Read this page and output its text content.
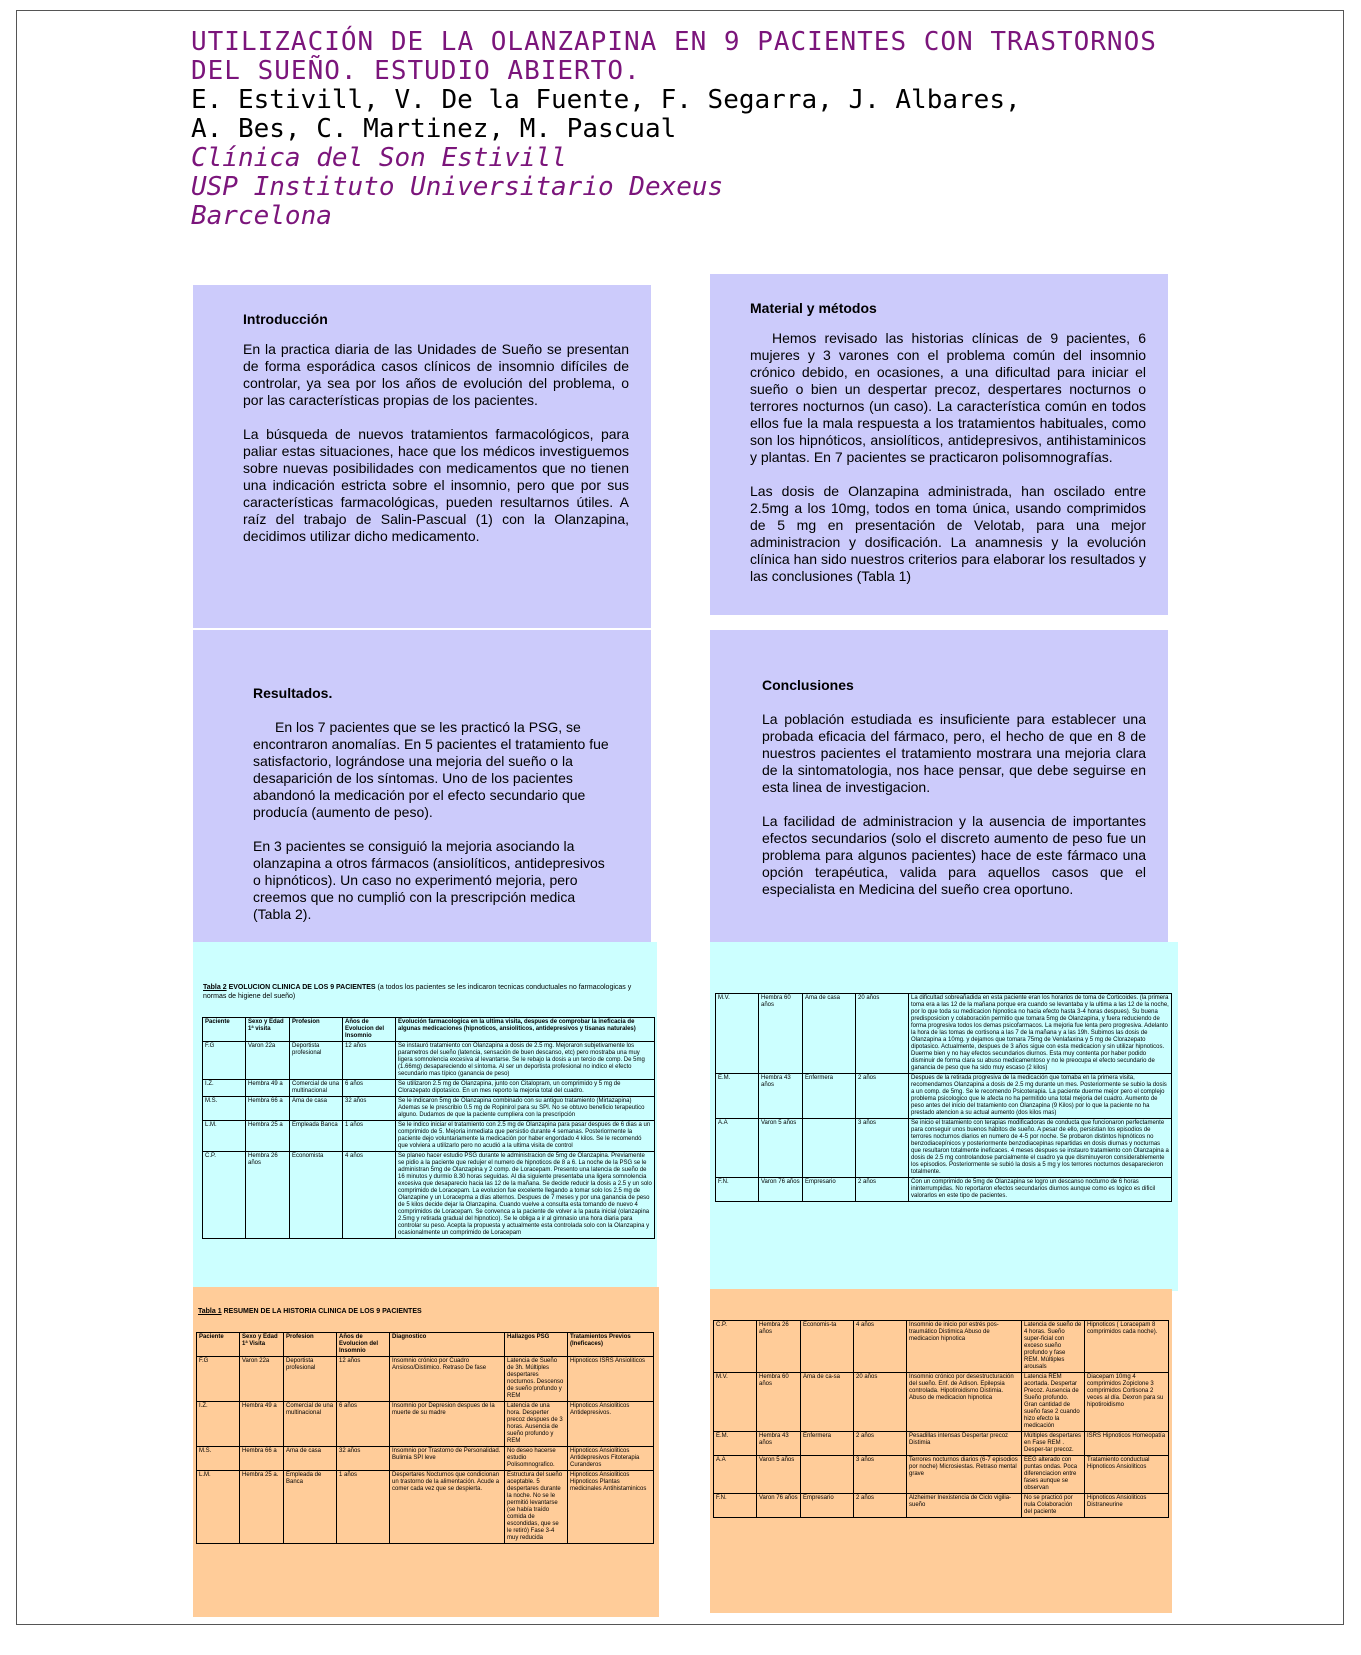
UTILIZACIÓN DE LA OLANZAPINA EN 9 PACIENTES CON TRASTORNOS
DEL SUEÑO. ESTUDIO ABIERTO.
E. Estivill, V. De la Fuente, F. Segarra, J. Albares,
A. Bes, C. Martinez, M. Pascual
Clínica del Son Estivill
USP Instituto Universitario Dexeus
Barcelona
Introducción

En la practica diaria de las Unidades de Sueño se presentan de forma esporádica casos clínicos de insomnio difíciles de controlar, ya sea por los años de evolución del problema, o por las características propias de los pacientes.

La búsqueda de nuevos tratamientos farmacológicos, para paliar estas situaciones, hace que los médicos investiguemos sobre nuevas posibilidades con medicamentos que no tienen una indicación estricta sobre el insomnio, pero que por sus características farmacológicas, pueden resultarnos útiles. A raíz del trabajo de Salin-Pascual (1) con la Olanzapina, decidimos utilizar dicho medicamento.

Material y métodos

Hemos revisado las historias clínicas de 9 pacientes, 6 mujeres y 3 varones con el problema común del insomnio crónico debido, en ocasiones, a una dificultad para iniciar el sueño o bien un despertar precoz, despertares nocturnos o terrores nocturnos (un caso). La característica común en todos ellos fue la mala respuesta a los tratamientos habituales, como son los hipnóticos, ansiolíticos, antidepresivos, antihistaminicos y plantas. En 7 pacientes se practicaron polisomnografías.

Las dosis de Olanzapina administrada, han oscilado entre 2.5mg a los 10mg, todos en toma única, usando comprimidos de 5 mg en presentación de Velotab, para una mejor administracion y dosificación. La anamnesis y la evolución clínica han sido nuestros criterios para elaborar los resultados y las conclusiones (Tabla 1)

Resultados.

En los 7 pacientes que se les practicó la PSG, se encontraron anomalías. En 5 pacientes el tratamiento fue satisfactorio, lográndose una mejoria del sueño o la desaparición de los síntomas. Uno de los pacientes abandonó la medicación por el efecto secundario que producía (aumento de peso).

En 3 pacientes se consiguió la mejoria asociando la olanzapina a otros fármacos (ansiolíticos, antidepresivos o hipnóticos). Un caso no experimentó mejoria, pero creemos que no cumplió con la prescripción medica (Tabla 2).

Conclusiones

La población estudiada es insuficiente para establecer una probada eficacia del fármaco, pero, el hecho de que en 8 de nuestros pacientes el tratamiento mostrara una mejoria clara de la sintomatologia, nos hace pensar, que debe seguirse en esta linea de investigacion.

La facilidad de administracion y la ausencia de importantes efectos secundarios (solo el discreto aumento de peso fue un problema para algunos pacientes) hace de este fármaco una opción terapéutica, valida para aquellos casos que el especialista en Medicina del sueño crea oportuno.

Tabla 2 EVOLUCION CLINICA DE LOS 9 PACIENTES (a todos los pacientes se les indicaron tecnicas conductuales no farmacologicas y normas de higiene del sueño)
Paciente	Sexo y Edad 1ª visita	Profesion	Años de Evolucion del Insomnio	Evolución farmacologica en la ultima visita, despues de comprobar la ineficacia de algunas medicaciones (hipnoticos, ansioliticos, antidepresivos y tisanas naturales)
F.G	Varon 22a	Deportista profesional	12 años	Se instauró tratamiento con Olanzapina a dosis de 2.5 mg. Mejoraron subjetivamente los parametros del sueño (latencia, sensación de buen descanso, etc) pero mostraba una muy ligera somnolencia excesiva al levantarse. Se le rebajo la dosis a un tercio de comp. De 5mg (1.66mg) desapareciendo el síntoma. Al ser un deportista profesional no indico el efecto secundario mas típico (ganancia de peso)
I.Z.	Hembra 49 a	Comercial de una multinacional	6 años	Se utilizaron 2.5 mg de Olanzapina, junto con Citalopram, un comprimido y 5 mg de Clorazepato dipotasico. En un mes reporto la mejoria total del cuadro.
M.S.	Hembra 66 a	Ama de casa	32 años	Se le indicaron 5mg de Olanzapina combinado con su antiguo tratamiento (Mirtazapina) Ademas se le prescribio 0.5 mg de Ropinirol para su SPI. No se obtuvo beneficio terapeutico alguno. Dudamos de que la paciente cumpliera con la prescripción
L.M.	Hembra 25 a	Empleada Banca	1 años	Se le indico iniciar el tratamiento con 2.5 mg de Olanzapina para pasar despues de 6 dias a un comprimido de 5. Mejoria inmediata que persistio durante 4 semanas. Posteriormente la paciente dejo voluntariamente la medicación por haber engordado 4 kilos. Se le recomendó que volviera a utilizarlo pero no acudió a la ultima visita de control
C.P.	Hembra 26 años	Economista	4 años	Se planeo hacer estudio PSG durante le administracion de 5mg de Olanzapina. Previamente se pidio a la paciente que redujer el numero de hipnoticos de 8 a 6. La noche de la PSG se le administran 5mg de Olanzapina y 2 comp. de Loracepam. Presento una latencia de sueño de 16 minutos y durmio 8.30 horas seguidas. Al dia siguiente presentaba una ligera somnolencia excesiva que desaparecio hacia las 12 de la mañana. Se decide reducir la dosis a 2.5 y un solo comprimido de Loracepam. La evolucion fue excelente llegando a tomar solo los 2.5 mg de Olanzapine y un Loracepma a días alternos. Despues de 7 meses y por una ganancia de peso de 5 kilos decide dejar la Olanzapina. Cuando vuelve a consulta esta tomando de nuevo 4 comprimidos de Loracepam. Se convenca a la paciente de volver a la pauta inicial (olanzapina 2.5mg y retirada gradual del hipnotico). Se le obliga a ir al gimnasio una hora diaria para controlar su peso. Acepta la propuesta y actualmente esta controlada solo con la Olanzapina y ocasionalmente un comprimido de Loracepam
M.V.	Hembra 60 años	Ama de casa	20 años	La dificultad sobreañadida en esta paciente eran los horarios de toma de Corticoides. (la primera toma era a las 12 de la mañana porque era cuando se levantaba y la ultima a las 12 de la noche, por lo que toda su medicacion hipnotica no hacia efecto hasta 3-4 horas despues). Su buena predisposicion y colaboración permitio que tomara 5mg de Olanzapina, y fuera reduciendo de forma progresiva todos los demas psicofarmacos. La mejoria fue lenta pero progresiva. Adelanto la hora de las tomas de cortisona a las 7 de la mañana y a las 19h. Subimos las dosis de Olanzapina a 10mg. y dejamos que tomara 75mg de Venlafaxina y 5 mg de Clorazepato dipotasico. Actualmente, despues de 3 años sigue con esta medicacion y sin utilizar hipnoticos. Duerme bien y no hay efectos secundarios diurnos. Esta muy contenta por haber podido disminuir de forma clara su abuso medicamentoso y no le preocupa el efecto secundario de ganancia de peso que ha sido muy escaso (2 kilos)
E.M.	Hembra 43 años	Enfermera	2 años	Despues de la retirada progresiva de la medicación que tomaba en la primera visita, recomendamos Olanzapina a dosis de 2.5 mg durante un mes. Posteriormente se subio la dosis a un comp. de 5mg. Se le recomendo Psicoterapia. La paciente duerme mejor pero el complejo problema psicologico que le afecta no ha permitido una total mejoria del cuadro. Aumento de peso antes del inicio del tratamiento con Olanzapina (9 Kilos) por lo que la paciente no ha prestado atencion a su actual aumento (dos kilos mas)
A.A	Varon 5 años		3 años	Se inicio el tratamiento con terapias modificadoras de conducta que funcionaron perfectamente para conseguir unos buenos hábitos de sueño. A pesar de ello, persistian los episodios de terrores nocturnos diarios en numero de 4-5 por noche. Se probaron distintos hipnóticos no benzodiacepínicos y posteriormente benzodiacepinas repartidas en dosis diurnas y nocturnas que resultaron totalmente ineficaces. 4 meses despues se instauro tratamiento con Olanzapina a dosis de 2.5 mg controlandose parcialmente el cuadro ya que disminuyeron considerablemente los episodios. Posteriormente se subió la dosis a 5 mg y los terrores nocturnos desaparecieron totalmente.
F.N.	Varon 76 años	Empresario	2 años	Con un comprimido de 5mg de Olanzapina se logro un descanso nocturno de 6 horas ininterrumpidas. No reportaron efectos secundarios diurnos aunque como es logico es dificil valorarlos en este tipo de pacientes.
Tabla 1 RESUMEN DE LA HISTORIA CLINICA DE LOS 9 PACIENTES
Paciente	Sexo y Edad 1ª Visita	Profesion	Años de Evolucion del Insomnio	Diagnostico	Hallazgos PSG	Tratamientos Previos (Ineficaces)
F.G	Varon 22a	Deportista profesional	12 años	Insomnio crónico por Cuadro Ansioso/Distimico. Retraso De fase	Latencia de Sueño de 3h. Múltiples despertares nocturnos. Descenso de sueño profundo y REM	Hipnoticos ISRS Ansioliticos
I.Z.	Hembra 49 a	Comercial de una multinacional	6 años	Insomnio por Depresion despues de la muerte de su madre	Latencia de una hora. Desperter precoz despues de 3 horas. Ausencia de sueño profundo y REM	Hipnoticos Ansioliticos Antidepresivos.
M.S.	Hembra 66 a	Ama de casa	32 años	Insomnio por Trastorno de Personalidad. Bulimia SPI leve	No deseo hacerse estudio Polisomnografico.	Hipnoticos Ansioliticos Antidepresivos Fitoterapia Curanderos
L.M.	Hembra 25 a.	Empleada de Banca	1 años	Despertares Nocturnos que condicionan un trastorno de la alimentación. Acude a comer cada vez que se despierta.	Estructura del sueño aceptable. 5 despertares durante la noche. No se le permitió levantarse (se había traído comida de escondidas, que se le retiró) Fase 3-4 muy reducida	Hipnoticos Ansioliticos Hipnoticos Plantas medicinales Antihistaminicos
C.P.	Hembra 26 años	Economis-ta	4 años	Insomnio de inicio por estrés pos-traumático Distimica Abuso de medicacion hipnotica	Latencia de sueño de 4 horas. Sueño super-ficial con exceso sueño profundo y fase REM. Múltiples arousals	Hipnoticos ( Loracepam 8 comprimidos cada noche).
M.V.	Hembra 60 años	Ama de ca-sa	20 años	Insomnio crónico por desestructuración del sueño. Enf. de Adison. Epilepsia controlada. Hipotiroidismo Distimia. Abuso de medicacion hipnotica	Latencia REM acortada. Despertar Precoz. Ausencia de Sueño profundo. Gran cantidad de sueño fase 2 cuando hizo efecto la medicación	Diacepam 10mg 4 comprimidos Zopiclone 3 comprimidos Cortisona 2 veces al día. Dexron para su hipotiroidismo
E.M.	Hembra 43 años	Enfermera	2 años	Pesadillas intensas Despertar precoz Distimia	Múltiples despertares en Fase REM . Desper-tar precoz.	ISRS Hipnoticos Homeopatía
A.A	Varon 5 años		3 años	Terrores nocturnos diarios (6-7 episodios por noche) Microsiestas. Retraso mental grave	EEG alterado con puntas ondas. Poca diferenciacion entre fases aunque se observan	Tratamiento conductual Hipnoticos Ansioliticos
F.N.	Varon 76 años	Empresario	2 años	Alzheimer Inexistencia de Ciclo vigilia-sueño	No se practicó por nula Colaboración del paciente	Hipnoticos Ansioliticos Distraneurine
